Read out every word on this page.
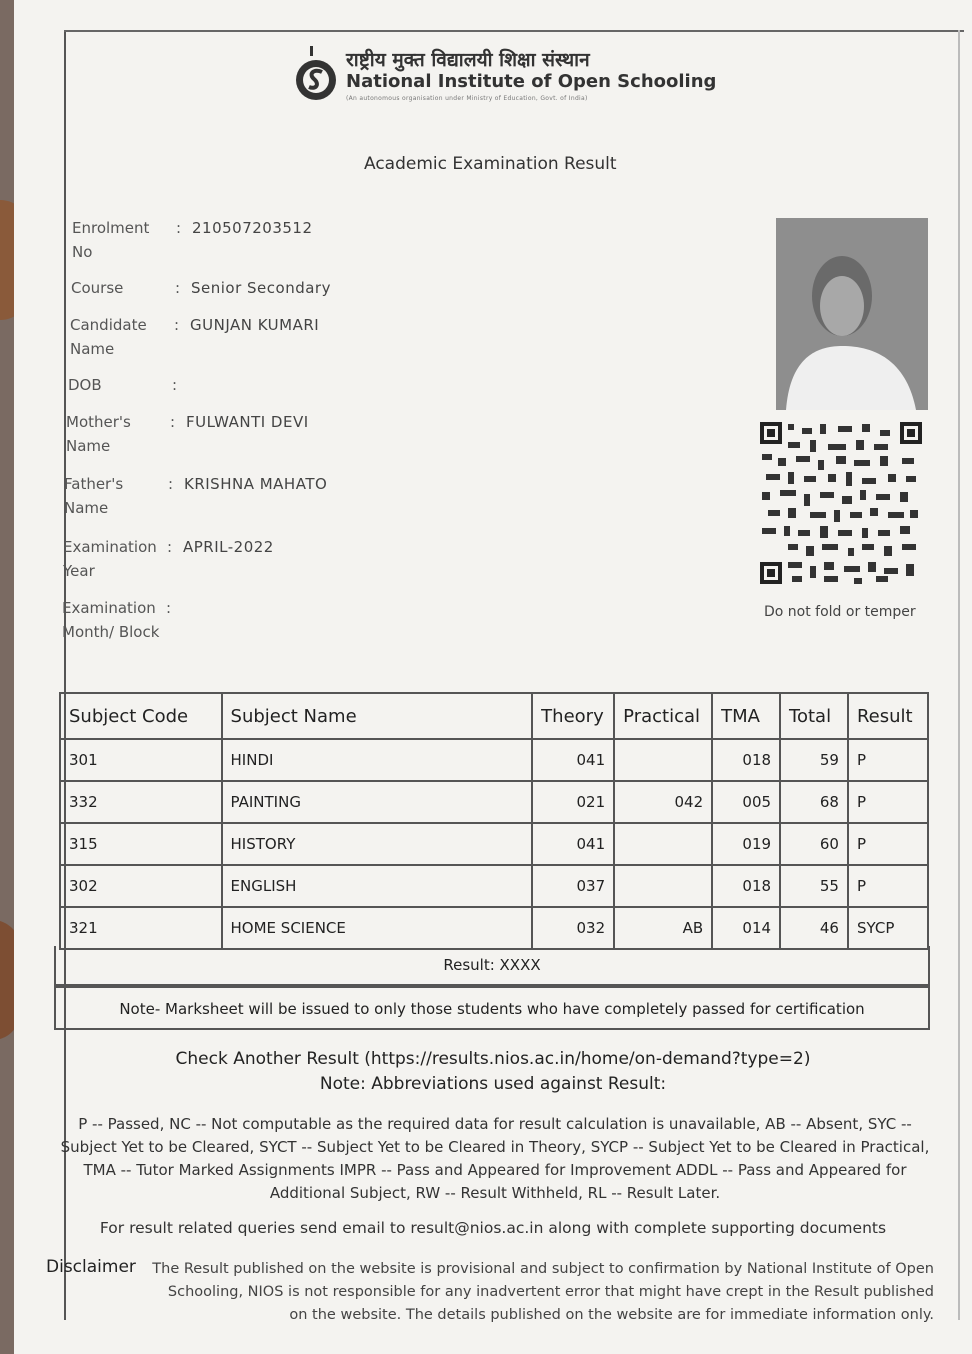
राष्ट्रीय मुक्त विद्यालयी शिक्षा संस्थान
National Institute of Open Schooling
(An autonomous organisation under Ministry of Education, Govt. of India)
Academic Examination Result
Enrolment No
: 210507203512
Course	: Senior Secondary
Candidate Name
: GUNJAN KUMARI
DOB	:
Mother's Name
: FULWANTI DEVI
Father's Name
: KRISHNA MAHATO
Examination Year
: APRIL-2022
Examination Month/ Block
:	Do not fold or temper
Subject Code	Subject Name	Theory	Practical	TMA	Total	Result
301	HINDI	041		018	59	P
332	PAINTING	021	042	005	68	P
315	HISTORY	041		019	60	P
302	ENGLISH	037		018	55	P
321	HOME SCIENCE	032	AB	014	46	SYCP
Result: XXXX
Note- Marksheet will be issued to only those students who have completely passed for certification
Check Another Result (https://results.nios.ac.in/home/on-demand?type=2)
Note: Abbreviations used against Result:
P -- Passed, NC -- Not computable as the required data for result calculation is unavailable, AB -- Absent, SYC -- Subject Yet to be Cleared, SYCT -- Subject Yet to be Cleared in Theory, SYCP -- Subject Yet to be Cleared in Practical, TMA -- Tutor Marked Assignments IMPR -- Pass and Appeared for Improvement ADDL -- Pass and Appeared for Additional Subject, RW -- Result Withheld, RL -- Result Later.
For result related queries send email to result@nios.ac.in along with complete supporting documents
Disclaimer The Result published on the website is provisional and subject to confirmation by National Institute of Open Schooling, NIOS is not responsible for any inadvertent error that might have crept in the Result published on the website. The details published on the website are for immediate information only.
